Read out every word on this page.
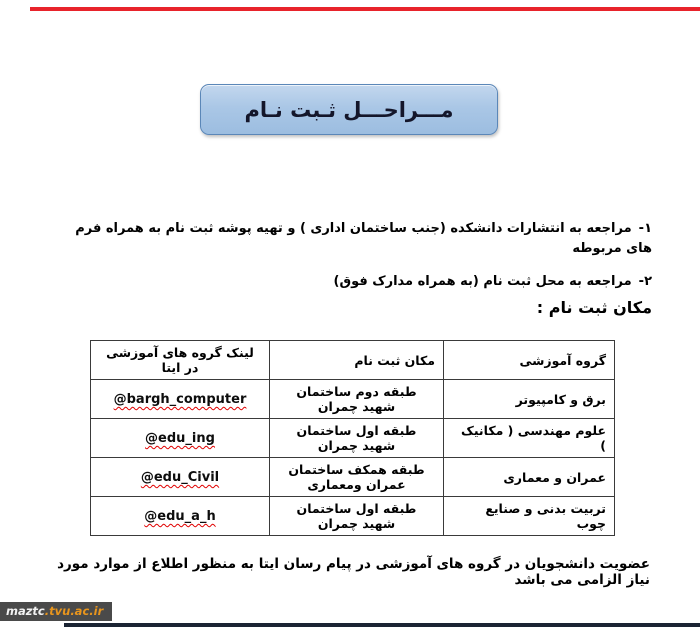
مـــراحـــل ثـبت نـام
۱-مراجعه به انتشارات دانشکده (جنب ساختمان اداری ) و تهیه پوشه ثبت نام به همراه فرم های مربوطه
۲-مراجعه به محل ثبت نام (به همراه مدارک فوق)
مکان ثبت نام :
گروه آموزشی	مکان ثبت نام	لینک گروه های آموزشی در ایتا
برق و کامپیوتر	طبقه دوم ساختمان شهید چمران	@bargh_computer
علوم مهندسی ( مکانیک )	طبقه اول ساختمان شهید چمران	@edu_ing
عمران و معماری	طبقه همکف ساختمان عمران ومعماری	@edu_Civil
تربیت بدنی و صنایع چوب	طبقه اول ساختمان شهید چمران	@edu_a_h
عضویت دانشجویان در گروه های آموزشی در پیام رسان ایتا به منظور اطلاع از موارد مورد نیاز الزامی می باشد
maztc.tvu.ac.ir
